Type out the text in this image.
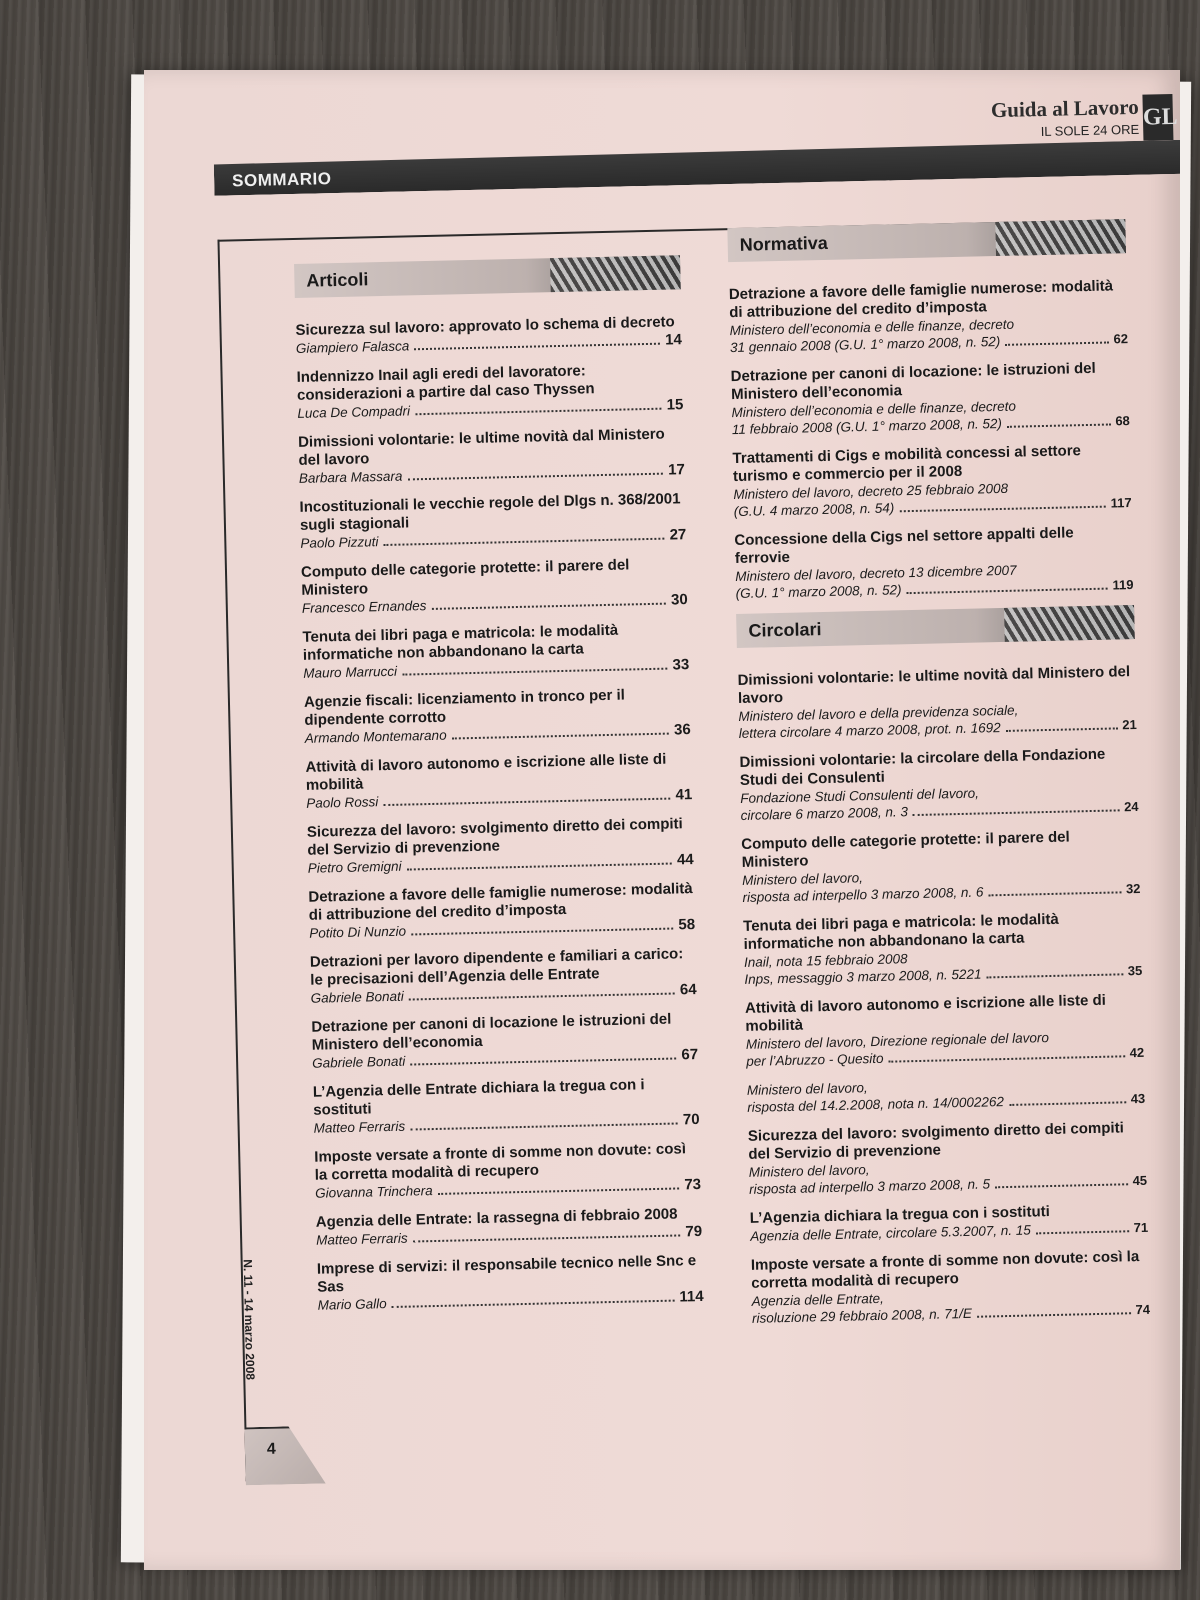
SOMMARIO
Guida al Lavoro
IL SOLE 24 ORE GL
4
N. 11 - 14 marzo 2008
Articoli
Sicurezza sul lavoro: approvato lo schema di decreto
Giampiero Falasca	14
Indennizzo Inail agli eredi del lavoratore: considerazioni a partire dal caso Thyssen
Luca De Compadri	15
Dimissioni volontarie: le ultime novità dal Ministero del lavoro
Barbara Massara	17
Incostituzionali le vecchie regole del Dlgs n. 368/2001 sugli stagionali
Paolo Pizzuti	27
Computo delle categorie protette: il parere del Ministero
Francesco Ernandes	30
Tenuta dei libri paga e matricola: le modalità informatiche non abbandonano la carta
Mauro Marrucci	33
Agenzie fiscali: licenziamento in tronco per il dipendente corrotto
Armando Montemarano	36
Attività di lavoro autonomo e iscrizione alle liste di mobilità
Paolo Rossi	41
Sicurezza del lavoro: svolgimento diretto dei compiti del Servizio di prevenzione
Pietro Gremigni	44
Detrazione a favore delle famiglie numerose: modalità di attribuzione del credito d’imposta
Potito Di Nunzio	58
Detrazioni per lavoro dipendente e familiari a carico: le precisazioni dell’Agenzia delle Entrate
Gabriele Bonati	64
Detrazione per canoni di locazione le istruzioni del Ministero dell’economia
Gabriele Bonati	67
L’Agenzia delle Entrate dichiara la tregua con i sostituti
Matteo Ferraris	70
Imposte versate a fronte di somme non dovute: così la corretta modalità di recupero
Giovanna Trinchera	73
Agenzia delle Entrate: la rassegna di febbraio 2008
Matteo Ferraris	79
Imprese di servizi: il responsabile tecnico nelle Snc e Sas
Mario Gallo	114
Normativa
Detrazione a favore delle famiglie numerose: modalità di attribuzione del credito d’imposta
Ministero dell’economia e delle finanze, decreto
31 gennaio 2008 (G.U. 1° marzo 2008, n. 52)	62
Detrazione per canoni di locazione: le istruzioni del Ministero dell’economia
Ministero dell’economia e delle finanze, decreto
11 febbraio 2008 (G.U. 1° marzo 2008, n. 52)	68
Trattamenti di Cigs e mobilità concessi al settore turismo e commercio per il 2008
Ministero del lavoro, decreto 25 febbraio 2008
(G.U. 4 marzo 2008, n. 54)	117
Concessione della Cigs nel settore appalti delle ferrovie
Ministero del lavoro, decreto 13 dicembre 2007
(G.U. 1° marzo 2008, n. 52)	119
Circolari
Dimissioni volontarie: le ultime novità dal Ministero del lavoro
Ministero del lavoro e della previdenza sociale,
lettera circolare 4 marzo 2008, prot. n. 1692	21
Dimissioni volontarie: la circolare della Fondazione Studi dei Consulenti
Fondazione Studi Consulenti del lavoro,
circolare 6 marzo 2008, n. 3	24
Computo delle categorie protette: il parere del Ministero
Ministero del lavoro,
risposta ad interpello 3 marzo 2008, n. 6	32
Tenuta dei libri paga e matricola: le modalità informatiche non abbandonano la carta
Inail, nota 15 febbraio 2008
Inps, messaggio 3 marzo 2008, n. 5221	35
Attività di lavoro autonomo e iscrizione alle liste di mobilità
Ministero del lavoro, Direzione regionale del lavoro
per l’Abruzzo - Quesito	42
Ministero del lavoro,
risposta del 14.2.2008, nota n. 14/0002262	43
Sicurezza del lavoro: svolgimento diretto dei compiti del Servizio di prevenzione
Ministero del lavoro,
risposta ad interpello 3 marzo 2008, n. 5	45
L’Agenzia dichiara la tregua con i sostituti
Agenzia delle Entrate, circolare 5.3.2007, n. 15	71
Imposte versate a fronte di somme non dovute: così la corretta modalità di recupero
Agenzia delle Entrate,
risoluzione 29 febbraio 2008, n. 71/E	74
